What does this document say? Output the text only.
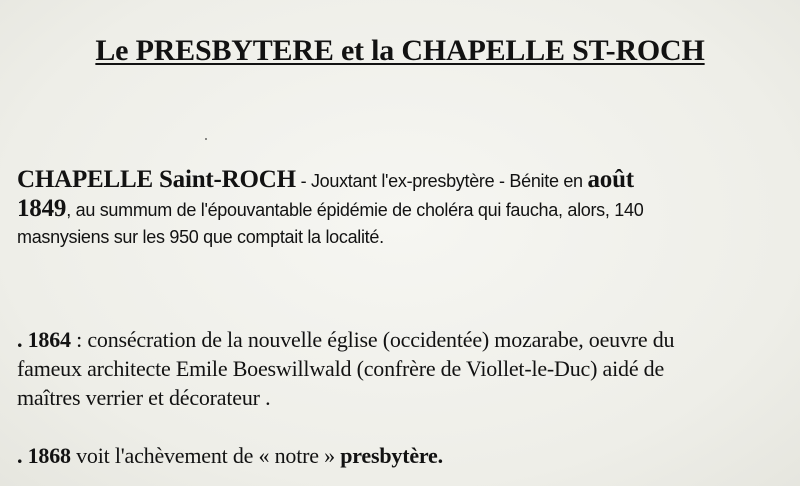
Le PRESBYTERE et la CHAPELLE ST-ROCH
CHAPELLE Saint-ROCH - Jouxtant l'ex-presbytère - Bénite en août
1849, au summum de l'épouvantable épidémie de choléra qui faucha, alors, 140
masnysiens sur les 950 que comptait la localité.
. 1864 : consécration de la nouvelle église (occidentée) mozarabe, oeuvre du
fameux architecte Emile Boeswillwald (confrère de Viollet-le-Duc) aidé de
maîtres verrier et décorateur .
. 1868 voit l'achèvement de « notre » presbytère.
